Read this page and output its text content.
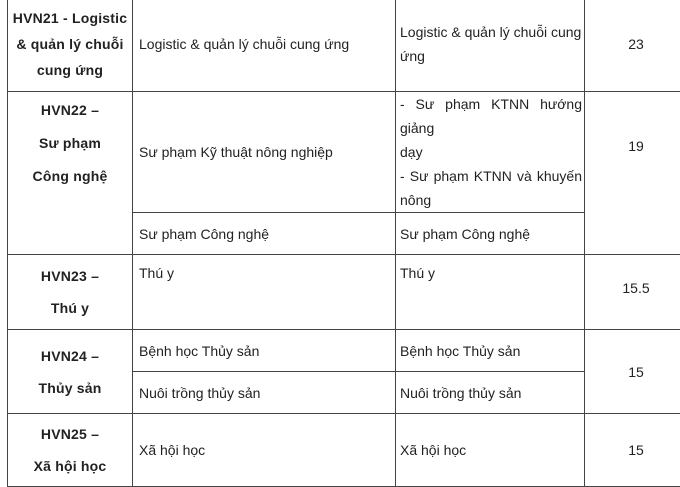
HVN21 - Logistic & quản lý chuỗi cung ứng	Logistic & quản lý chuỗi cung ứng	Logistic & quản lý chuỗi cung ứng	23

HVN22 –
Sư phạm
Công nghệ	Sư phạm Kỹ thuật nông nghiệp	- Sư phạm KTNN hướng giảng
dạy
- Sư phạm KTNN và khuyến
nông	19
	Sư phạm Công nghệ	Sư phạm Công nghệ	

HVN23 –
Thú y	Thú y	Thú y	15.5

HVN24 –
Thủy sản	Bệnh học Thủy sản	Bệnh học Thủy sản	15
	Nuôi trồng thủy sản	Nuôi trồng thủy sản	

HVN25 –
Xã hội học	Xã hội học	Xã hội học	15
